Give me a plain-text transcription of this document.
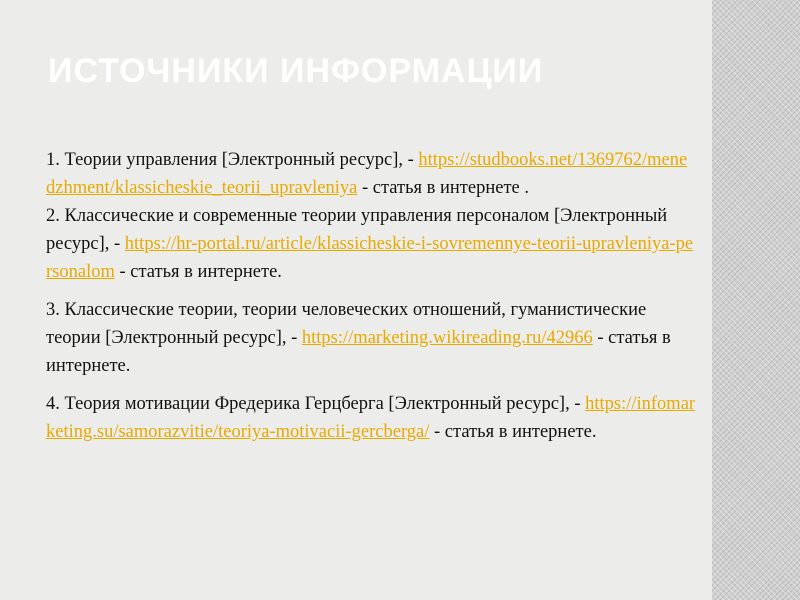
ИСТОЧНИКИ ИНФОРМАЦИИ

1. Теории управления [Электронный ресурс], - https://studbooks.net/1369762/menedzhment/klassicheskie_teorii_upravleniya - статья в интернете .

2. Классические и современные теории управления персоналом [Электронный ресурс], - https://hr-portal.ru/article/klassicheskie-i-sovremennye-teorii-upravleniya-personalom - статья в интернете.

3. Классические теории, теории человеческих отношений, гуманистические теории [Электронный ресурс], - https://marketing.wikireading.ru/42966 - статья в интернете.

4. Теория мотивации Фредерика Герцберга [Электронный ресурс], - https://infomarketing.su/samorazvitie/teoriya-motivacii-gercberga/ - статья в интернете.
